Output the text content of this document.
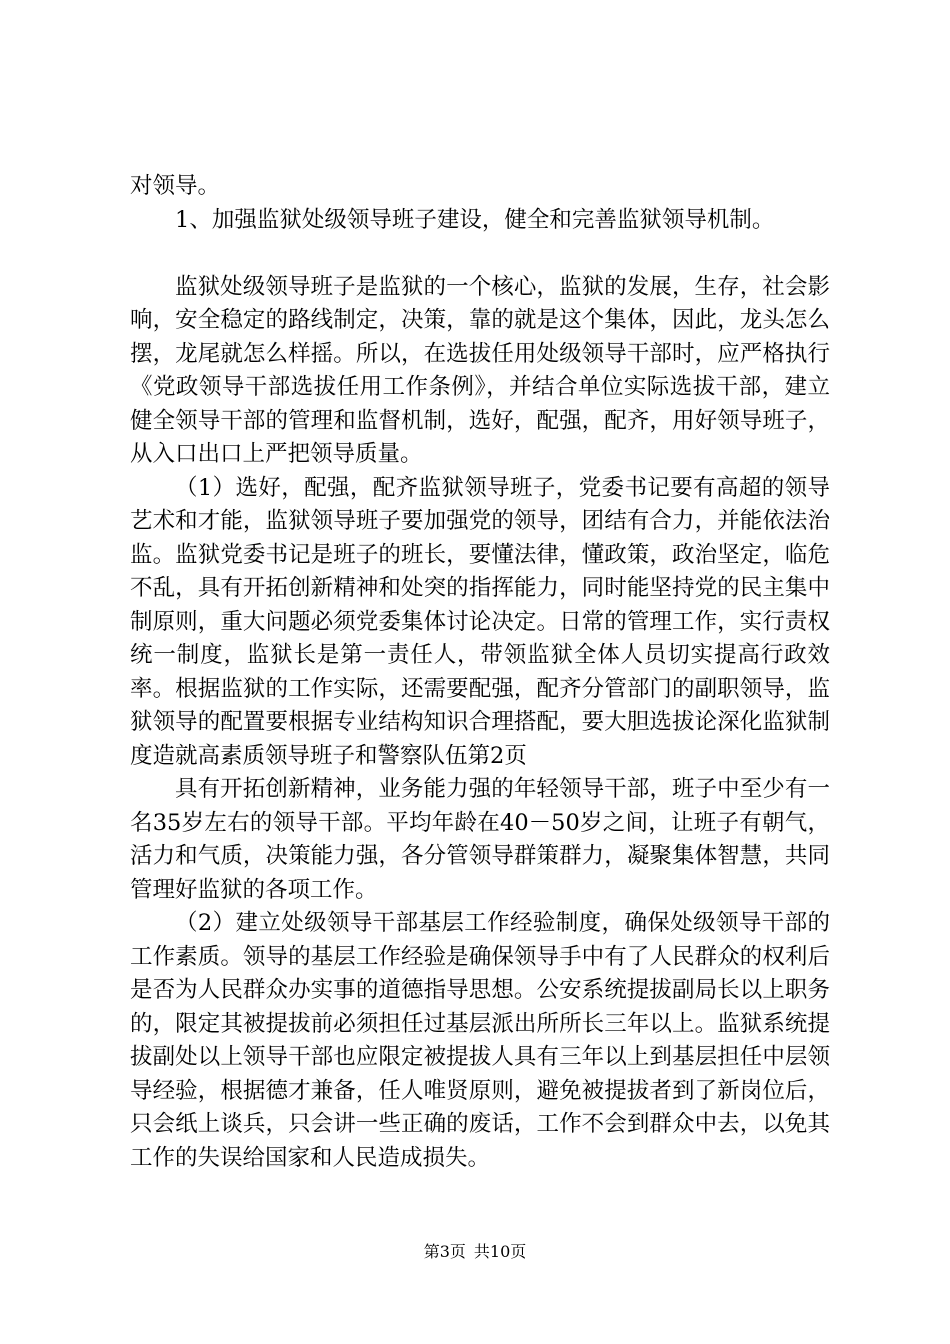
对领导。

1、加强监狱处级领导班子建设，健全和完善监狱领导机制。

监狱处级领导班子是监狱的一个核心，监狱的发展，生存，社会影响，安全稳定的路线制定，决策，靠的就是这个集体，因此，龙头怎么摆，龙尾就怎么样摇。所以，在选拔任用处级领导干部时，应严格执行《党政领导干部选拔任用工作条例》，并结合单位实际选拔干部，建立健全领导干部的管理和监督机制，选好，配强，配齐，用好领导班子，从入口出口上严把领导质量。

（1）选好，配强，配齐监狱领导班子，党委书记要有高超的领导艺术和才能，监狱领导班子要加强党的领导，团结有合力，并能依法治监。监狱党委书记是班子的班长，要懂法律，懂政策，政治坚定，临危不乱，具有开拓创新精神和处突的指挥能力，同时能坚持党的民主集中制原则，重大问题必须党委集体讨论决定。日常的管理工作，实行责权统一制度，监狱长是第一责任人，带领监狱全体人员切实提高行政效率。根据监狱的工作实际，还需要配强，配齐分管部门的副职领导，监狱领导的配置要根据专业结构知识合理搭配，要大胆选拔论深化监狱制度造就高素质领导班子和警察队伍第2页

具有开拓创新精神，业务能力强的年轻领导干部，班子中至少有一名35岁左右的领导干部。平均年龄在40－50岁之间，让班子有朝气，活力和气质，决策能力强，各分管领导群策群力，凝聚集体智慧，共同管理好监狱的各项工作。

（2）建立处级领导干部基层工作经验制度，确保处级领导干部的工作素质。领导的基层工作经验是确保领导手中有了人民群众的权利后是否为人民群众办实事的道德指导思想。公安系统提拔副局长以上职务的，限定其被提拔前必须担任过基层派出所所长三年以上。监狱系统提拔副处以上领导干部也应限定被提拔人具有三年以上到基层担任中层领导经验，根据德才兼备，任人唯贤原则，避免被提拔者到了新岗位后，只会纸上谈兵，只会讲一些正确的废话，工作不会到群众中去，以免其工作的失误给国家和人民造成损失。

第3页 共10页
